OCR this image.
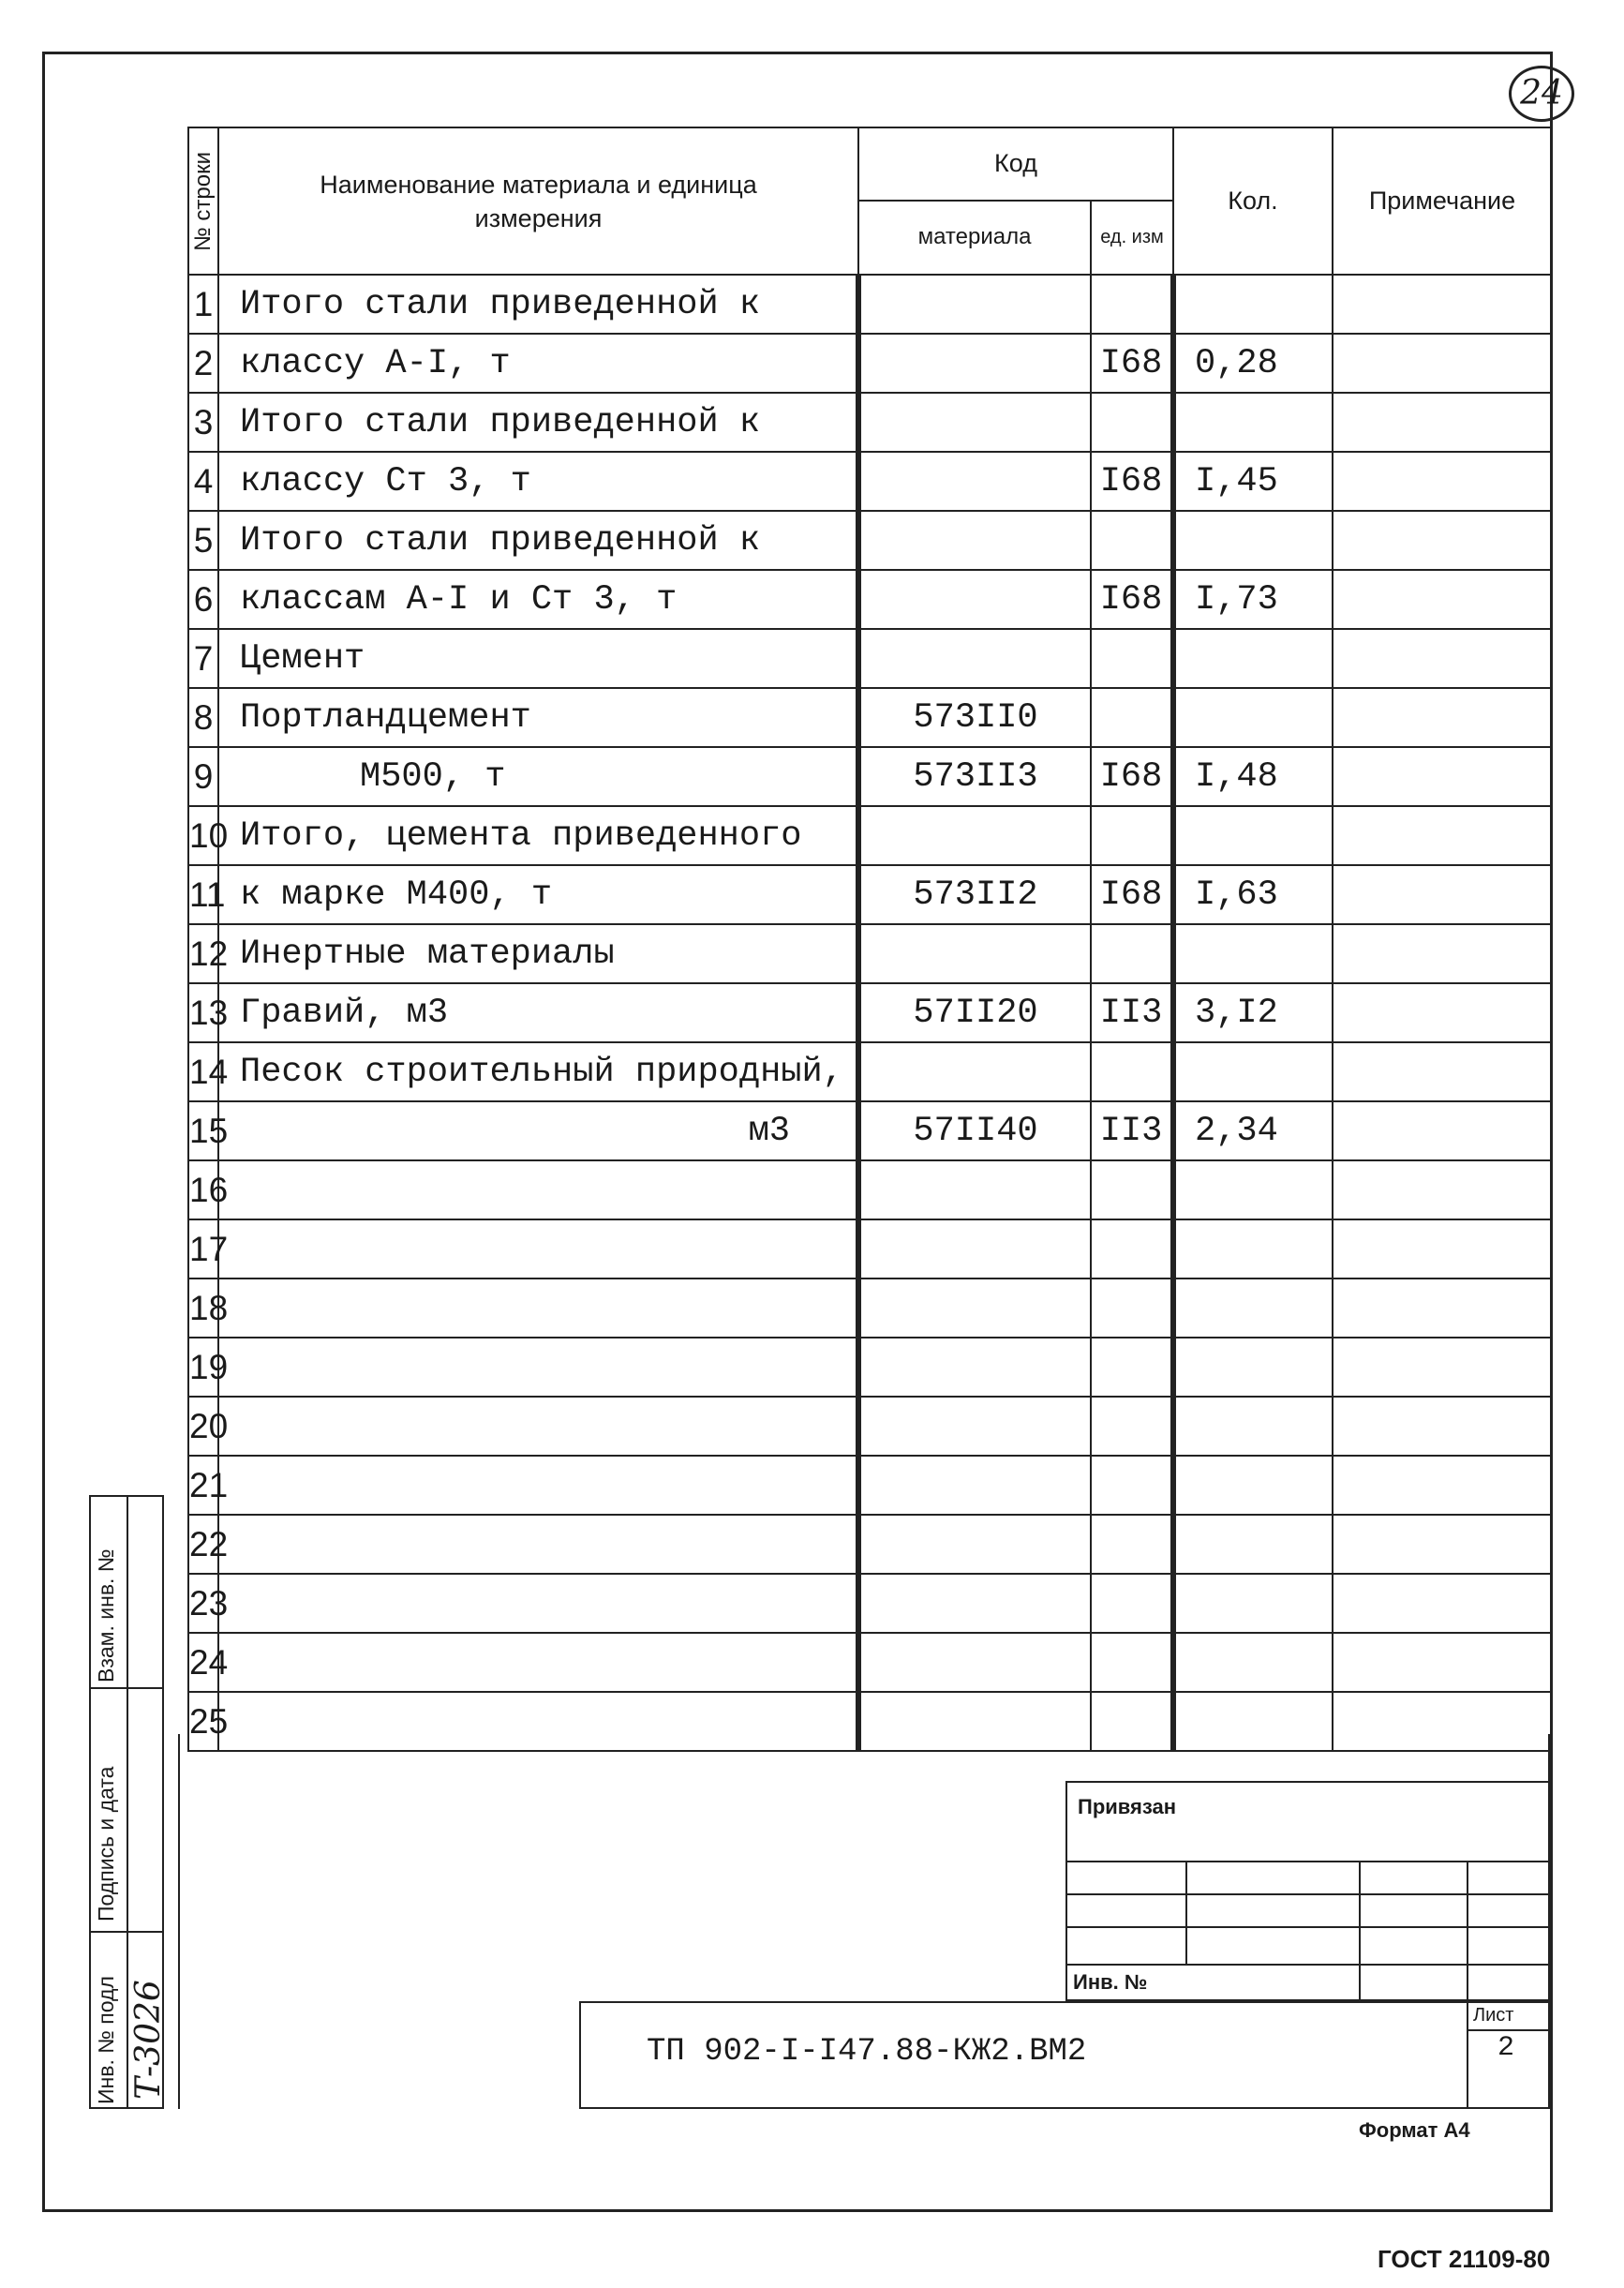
24
№ строки	Наименование материала и единица измерения	Код		Кол.	Примечание
		материала	ед. изм		
1	Итого стали приведенной к				
2	классу А-I, т		I68	0,28	
3	Итого стали приведенной к				
4	классу Ст 3, т		I68	I,45	
5	Итого стали приведенной к				
6	классам А-I и Ст 3, т		I68	I,73	
7	Цемент				
8	Портландцемент	573II0			
9	М500, т	573II3	I68	I,48	
10	Итого, цемента приведенного				
11	к марке М400, т	573II2	I68	I,63	
12	Инертные материалы				
13	Гравий, м3	57II20	II3	3,I2	
14	Песок строительный природный,				
15	м3	57II40	II3	2,34	
16					
17					
18					
19					
20					
21					
22					
23					
24					
25					
Взам. инв. №
Подпись и дата
Инв. № подл Т-3026
Привязан
Инв. №
ТП 902-I-I47.88-КЖ2.ВМ2
Лист
2
Формат А4
ГОСТ 21109-80
